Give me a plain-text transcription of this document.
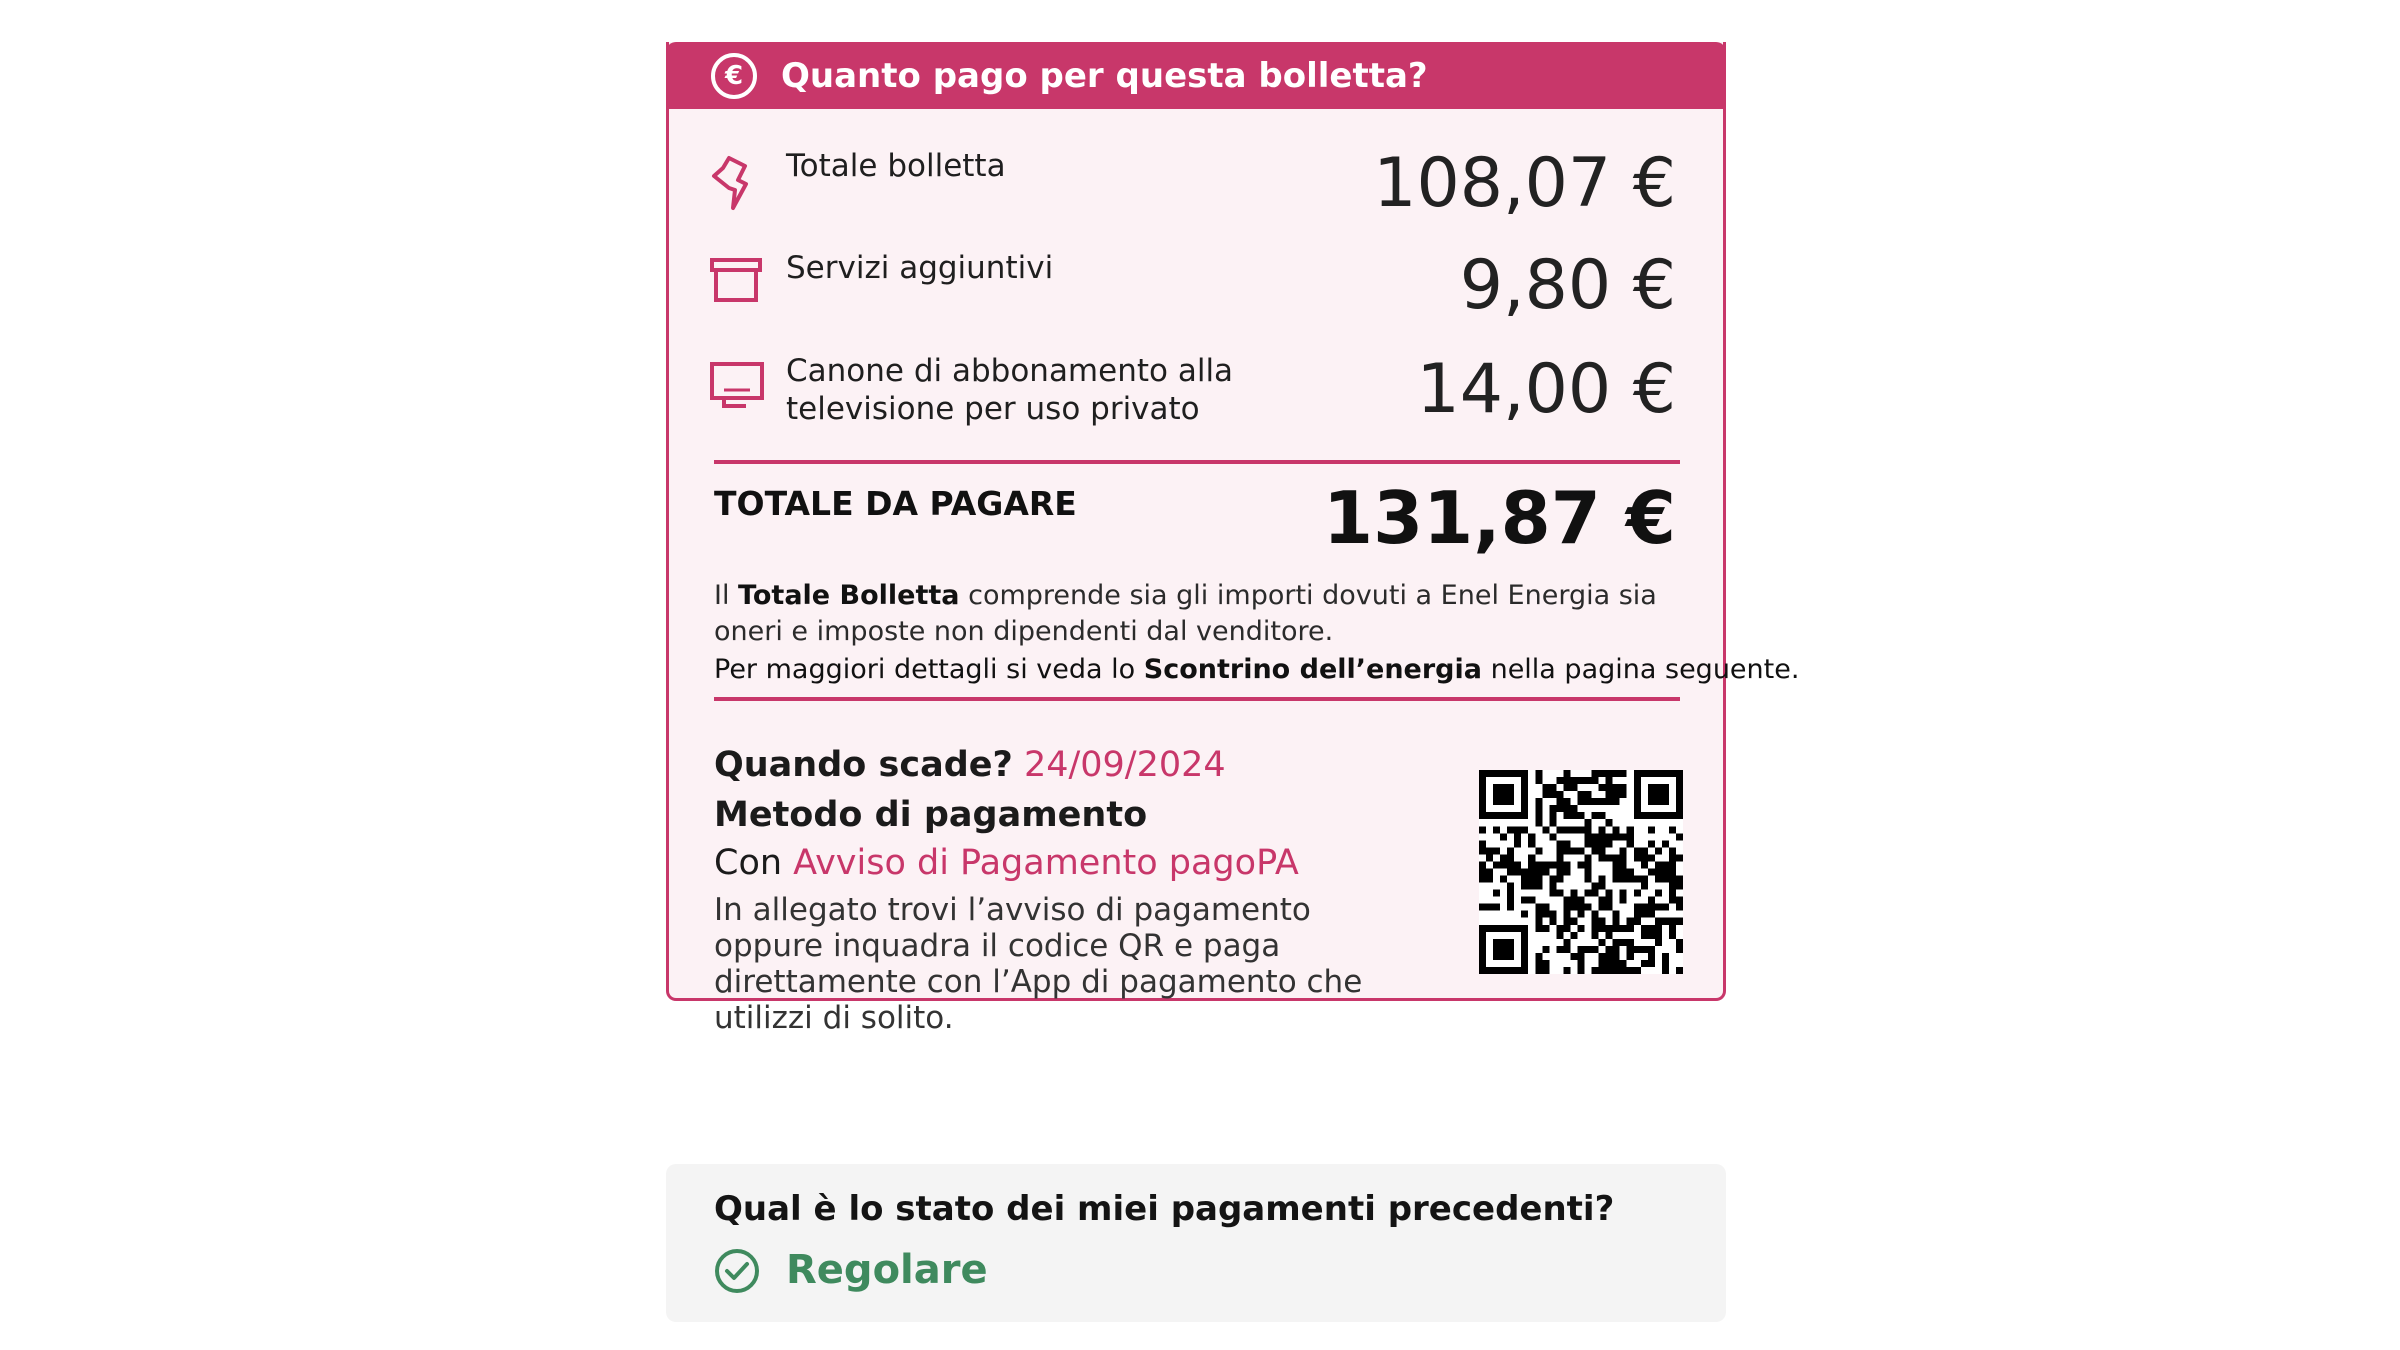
€	Quanto pago per questa bolletta?
Totale bolletta	108,07 €
Servizi aggiuntivi	9,80 €
Canone di abbonamento alla
televisione per uso privato	14,00 €
TOTALE DA PAGARE	131,87 €
Il Totale Bolletta comprende sia gli importi dovuti a Enel Energia sia oneri e imposte non dipendenti dal venditore.
Per maggiori dettagli si veda lo Scontrino dell’energia nella pagina seguente.
Quando scade? 24/09/2024
Metodo di pagamento
Con Avviso di Pagamento pagoPA
In allegato trovi l’avviso di pagamento oppure inquadra il codice QR e paga direttamente con l’App di pagamento che utilizzi di solito.
Qual è lo stato dei miei pagamenti precedenti?
Regolare
